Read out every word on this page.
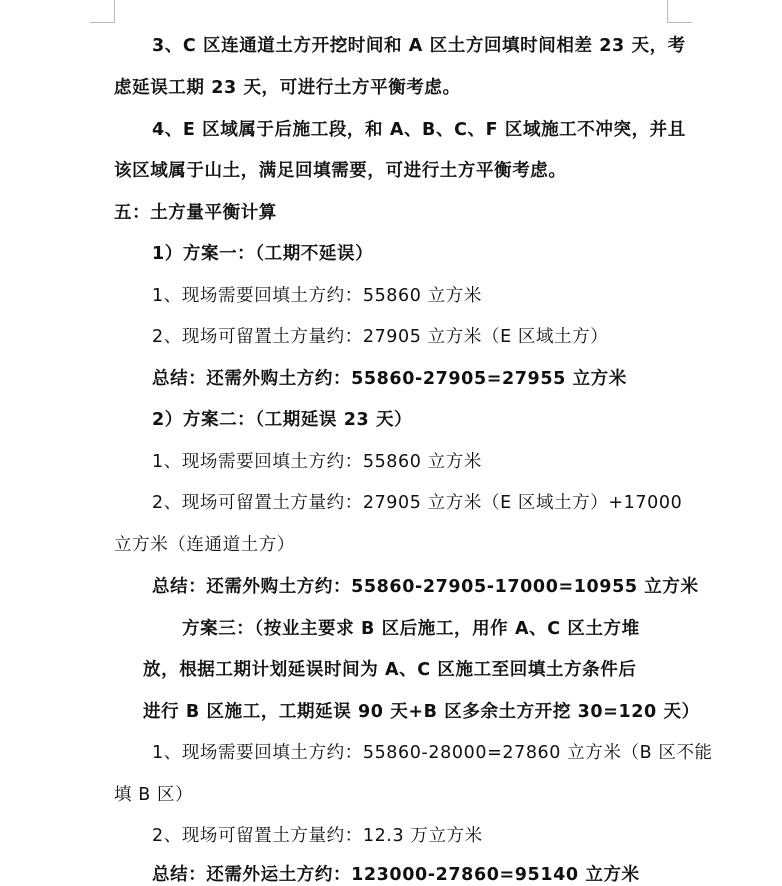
3、C 区连通道土方开挖时间和 A 区土方回填时间相差 23 天，考
虑延误工期 23 天，可进行土方平衡考虑。
4、E 区域属于后施工段，和 A、B、C、F 区域施工不冲突，并且
该区域属于山土，满足回填需要，可进行土方平衡考虑。
五：土方量平衡计算
1）方案一：（工期不延误）
1、现场需要回填土方约：55860 立方米
2、现场可留置土方量约：27905 立方米（E 区域土方）
总结：还需外购土方约：55860-27905=27955 立方米
2）方案二：（工期延误 23 天）
1、现场需要回填土方约：55860 立方米
2、现场可留置土方量约：27905 立方米（E 区域土方）+17000
立方米（连通道土方）
总结：还需外购土方约：55860-27905-17000=10955 立方米
方案三：（按业主要求 B 区后施工，用作 A、C 区土方堆
放，根据工期计划延误时间为 A、C 区施工至回填土方条件后
进行 B 区施工，工期延误 90 天+B 区多余土方开挖 30=120 天）
1、现场需要回填土方约：55860-28000=27860 立方米（B 区不能
填 B 区）
2、现场可留置土方量约：12.3 万立方米
总结：还需外运土方约：123000-27860=95140 立方米
